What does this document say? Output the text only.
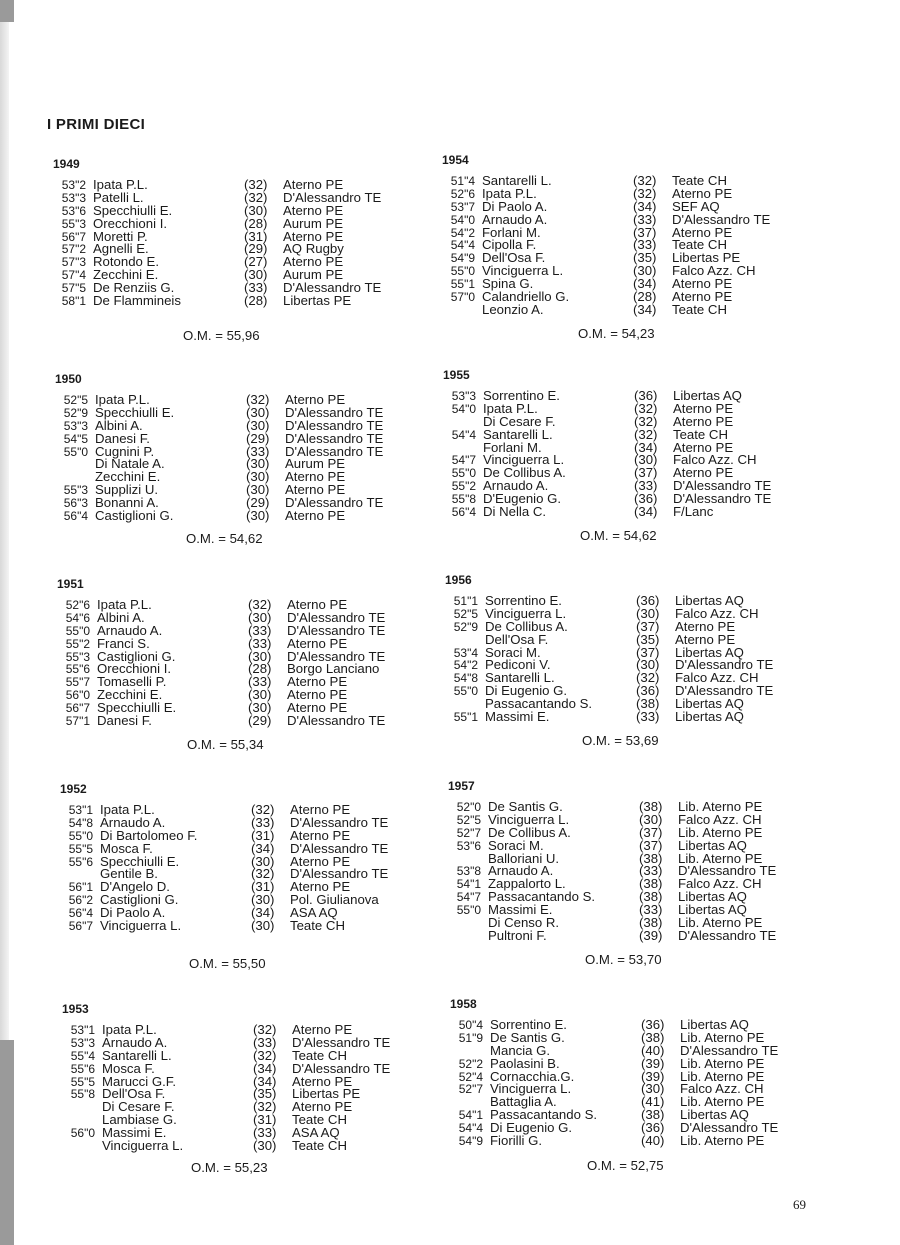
I PRIMI DIECI
1949
53"2 Ipata P.L.	(32) Aterno PE
53"3 Patelli L.	(32) D'Alessandro TE
53"6 Specchiulli E.	(30) Aterno PE
55"3 Orecchioni I.	(28) Aurum PE
56"7 Moretti P.	(31) Aterno PE
57"2 Agnelli E.	(29) AQ Rugby
57"3 Rotondo E.	(27) Aterno PE
57"4 Zecchini E.	(30) Aurum PE
57"5 De Renziis G.	(33) D'Alessandro TE
58"1 De Flammineis	(28) Libertas PE
O.M. = 55,96
1950
52"5 Ipata P.L.	(32) Aterno PE
52"9 Specchiulli E.	(30) D'Alessandro TE
53"3 Albini A.	(30) D'Alessandro TE
54"5 Danesi F.	(29) D'Alessandro TE
55"0 Cugnini P.	(33) D'Alessandro TE
Di Natale A.	(30) Aurum PE
Zecchini E.	(30) Aterno PE
55"3 Supplizi U.	(30) Aterno PE
56"3 Bonanni A.	(29) D'Alessandro TE
56"4 Castiglioni G.	(30) Aterno PE
O.M. = 54,62
1951
52"6 Ipata P.L.	(32) Aterno PE
54"6 Albini A.	(30) D'Alessandro TE
55"0 Arnaudo A.	(33) D'Alessandro TE
55"2 Franci S.	(33) Aterno PE
55"3 Castiglioni G.	(30) D'Alessandro TE
55"6 Orecchioni I.	(28) Borgo Lanciano
55"7 Tomaselli P.	(33) Aterno PE
56"0 Zecchini E.	(30) Aterno PE
56"7 Specchiulli E.	(30) Aterno PE
57"1 Danesi F.	(29) D'Alessandro TE
O.M. = 55,34
1952
53"1 Ipata P.L.	(32) Aterno PE
54"8 Arnaudo A.	(33) D'Alessandro TE
55"0 Di Bartolomeo F.	(31) Aterno PE
55"5 Mosca F.	(34) D'Alessandro TE
55"6 Specchiulli E.	(30) Aterno PE
Gentile B.	(32) D'Alessandro TE
56"1 D'Angelo D.	(31) Aterno PE
56"2 Castiglioni G.	(30) Pol. Giulianova
56"4 Di Paolo A.	(34) ASA AQ
56"7 Vinciguerra L.	(30) Teate CH
O.M. = 55,50
1953
53"1 Ipata P.L.	(32) Aterno PE
53"3 Arnaudo A.	(33) D'Alessandro TE
55"4 Santarelli L.	(32) Teate CH
55"6 Mosca F.	(34) D'Alessandro TE
55"5 Marucci G.F.	(34) Aterno PE
55"8 Dell'Osa F.	(35) Libertas PE
Di Cesare F.	(32) Aterno PE
Lambiase G.	(31) Teate CH
56"0 Massimi E.	(33) ASA AQ
Vinciguerra L.	(30) Teate CH
O.M. = 55,23
1954
51"4 Santarelli L.	(32) Teate CH
52"6 Ipata P.L.	(32) Aterno PE
53"7 Di Paolo A.	(34) SEF AQ
54"0 Arnaudo A.	(33) D'Alessandro TE
54"2 Forlani M.	(37) Aterno PE
54"4 Cipolla F.	(33) Teate CH
54"9 Dell'Osa F.	(35) Libertas PE
55"0 Vinciguerra L.	(30) Falco Azz. CH
55"1 Spina G.	(34) Aterno PE
57"0 Calandriello G.	(28) Aterno PE
Leonzio A.	(34) Teate CH
O.M. = 54,23
1955
53"3 Sorrentino E.	(36) Libertas AQ
54"0 Ipata P.L.	(32) Aterno PE
Di Cesare F.	(32) Aterno PE
54"4 Santarelli L.	(32) Teate CH
Forlani M.	(34) Aterno PE
54"7 Vinciguerra L.	(30) Falco Azz. CH
55"0 De Collibus A.	(37) Aterno PE
55"2 Arnaudo A.	(33) D'Alessandro TE
55"8 D'Eugenio G.	(36) D'Alessandro TE
56"4 Di Nella C.	(34) F/Lanc
O.M. = 54,62
1956
51"1 Sorrentino E.	(36) Libertas AQ
52"5 Vinciguerra L.	(30) Falco Azz. CH
52"9 De Collibus A.	(37) Aterno PE
Dell'Osa F.	(35) Aterno PE
53"4 Soraci M.	(37) Libertas AQ
54"2 Pediconi V.	(30) D'Alessandro TE
54"8 Santarelli L.	(32) Falco Azz. CH
55"0 Di Eugenio G.	(36) D'Alessandro TE
Passacantando S.	(38) Libertas AQ
55"1 Massimi E.	(33) Libertas AQ
O.M. = 53,69
1957
52"0 De Santis G.	(38) Lib. Aterno PE
52"5 Vinciguerra L.	(30) Falco Azz. CH
52"7 De Collibus A.	(37) Lib. Aterno PE
53"6 Soraci M.	(37) Libertas AQ
Balloriani U.	(38) Lib. Aterno PE
53"8 Arnaudo A.	(33) D'Alessandro TE
54"1 Zappalorto L.	(38) Falco Azz. CH
54"7 Passacantando S.	(38) Libertas AQ
55"0 Massimi E.	(33) Libertas AQ
Di Censo R.	(38) Lib. Aterno PE
Pultroni F.	(39) D'Alessandro TE
O.M. = 53,70
1958
50"4 Sorrentino E.	(36) Libertas AQ
51"9 De Santis G.	(38) Lib. Aterno PE
Mancia G.	(40) D'Alessandro TE
52"2 Paolasini B.	(39) Lib. Aterno PE
52"4 Cornacchia.G.	(39) Lib. Aterno PE
52"7 Vinciguerra L.	(30) Falco Azz. CH
Battaglia A.	(41) Lib. Aterno PE
54"1 Passacantando S.	(38) Libertas AQ
54"4 Di Eugenio G.	(36) D'Alessandro TE
54"9 Fiorilli G.	(40) Lib. Aterno PE
O.M. = 52,75
69
